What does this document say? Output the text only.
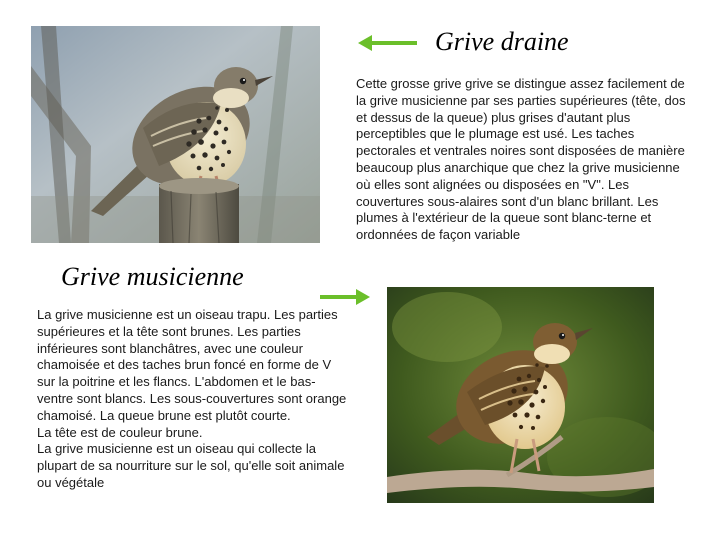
Grive draine

Cette grosse grive grive se distingue assez facilement de la grive musicienne par ses parties supérieures (tête, dos et dessus de la queue) plus grises d'autant plus perceptibles que le plumage est usé. Les taches pectorales et ventrales noires sont disposées de manière beaucoup plus anarchique que chez la grive musicienne où elles sont alignées ou disposées en "V". Les couvertures sous-alaires sont d'un blanc brillant. Les plumes à l'extérieur de la queue sont blanc-terne et ordonnées de façon variable

Grive musicienne

La grive musicienne est un oiseau trapu. Les parties supérieures et la tête sont brunes. Les parties inférieures sont blanchâtres, avec une couleur chamoisée et des taches brun foncé en forme de V sur la poitrine et les flancs. L'abdomen et le bas-ventre sont blancs. Les sous-couvertures sont orange chamoisé. La queue brune est plutôt courte.

La tête est de couleur brune.

La grive musicienne est un oiseau qui collecte la plupart de sa nourriture sur le sol, qu'elle soit animale ou végétale
